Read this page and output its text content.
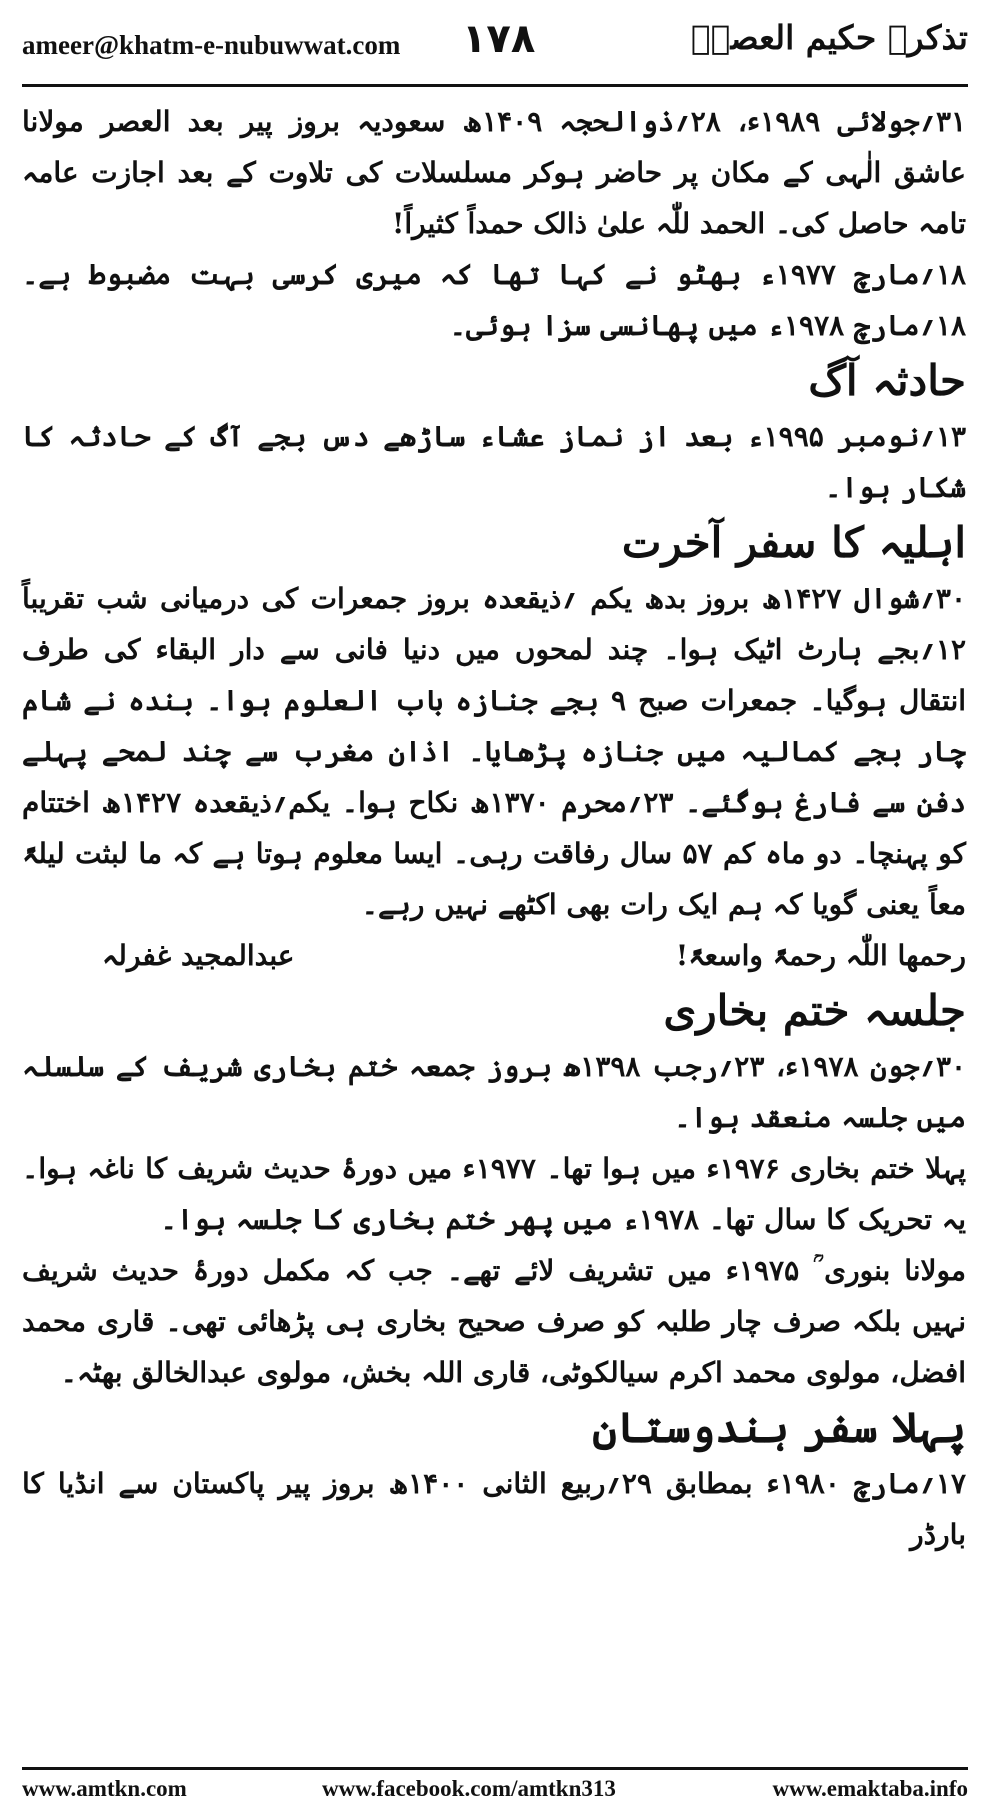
ameer@khatm-e-nubuwwat.com ۱۷۸	تذکرہ حکیم العصرؒ

۳۱؍جولائی ۱۹۸۹ء، ۲۸؍ذوالحجہ ۱۴۰۹ھ سعودیہ بروز پیر بعد العصر مولانا عاشق الٰہی کے مکان پر حاضر ہوکر مسلسلات کی تلاوت کے بعد اجازت عامہ تامہ حاصل کی۔ الحمد للّٰہ علیٰ ذالک حمداً کثیراً!

۱۸؍مارچ ۱۹۷۷ء بھٹو نے کہا تھا کہ میری کرسی بہت مضبوط ہے۔ ۱۸؍مارچ ۱۹۷۸ء میں پھانسی سزا ہوئی۔

حادثہ آگ

۱۳؍نومبر ۱۹۹۵ء بعد از نماز عشاء ساڑھے دس بجے آگ کے حادثہ کا شکار ہوا۔

اہلیہ کا سفر آخرت

۳۰؍شوال ۱۴۲۷ھ بروز بدھ یکم ؍ذیقعدہ بروز جمعرات کی درمیانی شب تقریباً ۱۲؍بجے ہارٹ اٹیک ہوا۔ چند لمحوں میں دنیا فانی سے دار البقاء کی طرف انتقال ہوگیا۔ جمعرات صبح ۹ بجے جنازہ باب العلوم ہوا۔ بندہ نے شام چار بجے کمالیہ میں جنازہ پڑھایا۔ اذان مغرب سے چند لمحے پہلے دفن سے فارغ ہوگئے۔ ۲۳؍محرم ۱۳۷۰ھ نکاح ہوا۔ یکم؍ذیقعدہ ۱۴۲۷ھ اختتام کو پہنچا۔ دو ماہ کم ۵۷ سال رفاقت رہی۔ ایسا معلوم ہوتا ہے کہ ما لبثت لیلۃً معاً یعنی گویا کہ ہم ایک رات بھی اکٹھے نہیں رہے۔

رحمھا اللّٰہ رحمۃً واسعۃً!
عبدالمجید غفرلہ
جلسہ ختم بخاری

۳۰؍جون ۱۹۷۸ء، ۲۳؍رجب ۱۳۹۸ھ بروز جمعہ ختم بخاری شریف کے سلسلہ میں جلسہ منعقد ہوا۔

پہلا ختم بخاری ۱۹۷۶ء میں ہوا تھا۔ ۱۹۷۷ء میں دورۂ حدیث شریف کا ناغہ ہوا۔ یہ تحریک کا سال تھا۔ ۱۹۷۸ء میں پھر ختم بخاری کا جلسہ ہوا۔

مولانا بنوری ؒ ۱۹۷۵ء میں تشریف لائے تھے۔ جب کہ مکمل دورۂ حدیث شریف نہیں بلکہ صرف چار طلبہ کو صرف صحیح بخاری ہی پڑھائی تھی۔ قاری محمد افضل، مولوی محمد اکرم سیالکوٹی، قاری اللہ بخش، مولوی عبدالخالق بھٹہ۔

پہلا سفر ہندوستان

۱۷؍مارچ ۱۹۸۰ء بمطابق ۲۹؍ربیع الثانی ۱۴۰۰ھ بروز پیر پاکستان سے انڈیا کا بارڈر

www.amtkn.com	www.facebook.com/amtkn313	www.emaktaba.info
